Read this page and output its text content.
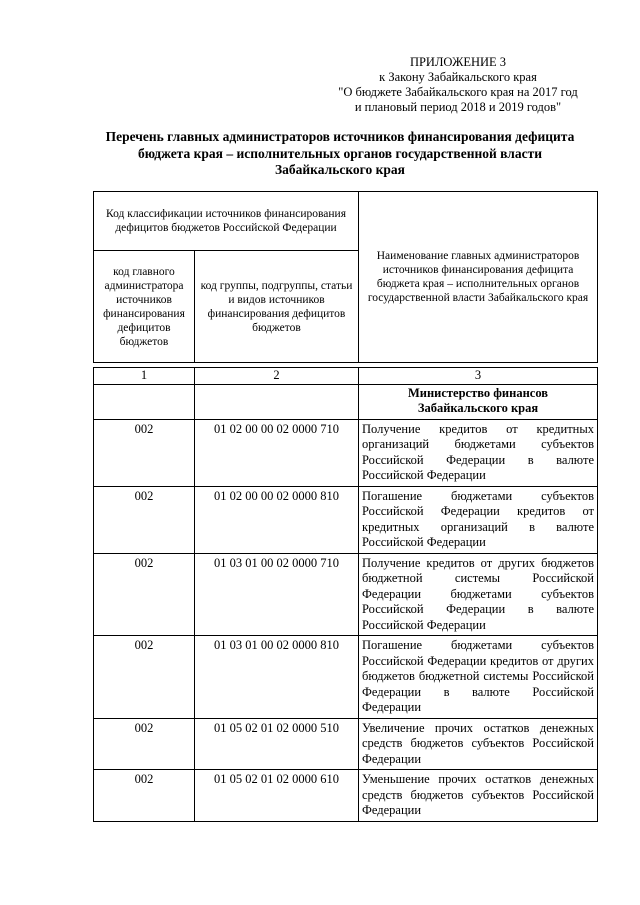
ПРИЛОЖЕНИЕ 3
к Закону Забайкальского края
"О бюджете Забайкальского края на 2017 год
и плановый период 2018 и 2019 годов"
Перечень главных администраторов источников финансирования дефицита
бюджета края – исполнительных органов государственной власти
Забайкальского края
Код классификации источников финансирования дефицитов бюджетов Российской Федерации		Наименование главных администраторов источников финансирования дефицита бюджета края – исполнительных органов государственной власти Забайкальского края
код главного администратора источников финансирования дефицитов бюджетов	код группы, подгруппы, статьи и видов источников финансирования дефицитов бюджетов	
1	2	3
		Министерство финансов Забайкальского края
002	01 02 00 00 02 0000 710	Получение кредитов от кредитных организаций бюджетами субъектов Российской Федерации в валюте Российской Федерации
002	01 02 00 00 02 0000 810	Погашение бюджетами субъектов Российской Федерации кредитов от кредитных организаций в валюте Российской Федерации
002	01 03 01 00 02 0000 710	Получение кредитов от других бюджетов бюджетной системы Российской Федерации бюджетами субъектов Российской Федерации в валюте Российской Федерации
002	01 03 01 00 02 0000 810	Погашение бюджетами субъектов Российской Федерации кредитов от других бюджетов бюджетной системы Российской Федерации в валюте Российской Федерации
002	01 05 02 01 02 0000 510	Увеличение прочих остатков денежных средств бюджетов субъектов Российской Федерации
002	01 05 02 01 02 0000 610	Уменьшение прочих остатков денежных средств бюджетов субъектов Российской Федерации
